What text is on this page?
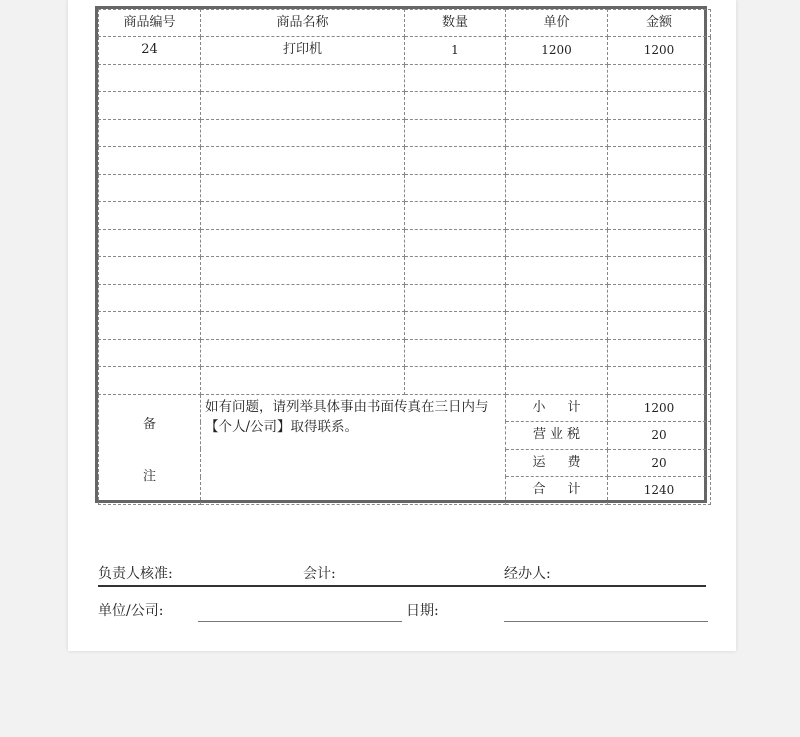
商品编号	商品名称	数量	单价	金额
24	打印机	1	1200	1200

备
注	如有问题，请列举具体事由书面传真在三日内与【个人/公司】取得联系。		小计	1200
			营业税	20
			运费	20
			合计	1240
负责人核准:	会计:	经办人:
单位/公司:	日期:
